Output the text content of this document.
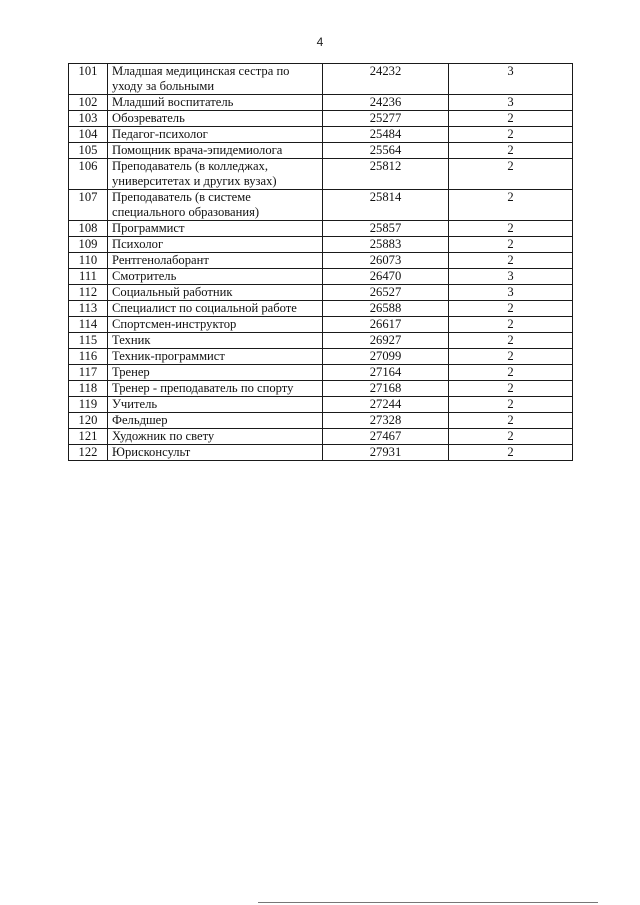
4
101	Младшая медицинская сестра по
уходу за больными	24232	3
102	Младший воспитатель	24236	3
103	Обозреватель	25277	2
104	Педагог-психолог	25484	2
105	Помощник врача-эпидемиолога	25564	2
106	Преподаватель (в колледжах,
университетах и других вузах)	25812	2
107	Преподаватель (в системе
специального образования)	25814	2
108	Программист	25857	2
109	Психолог	25883	2
110	Рентгенолаборант	26073	2
111	Смотритель	26470	3
112	Социальный работник	26527	3
113	Специалист по социальной работе	26588	2
114	Спортсмен-инструктор	26617	2
115	Техник	26927	2
116	Техник-программист	27099	2
117	Тренер	27164	2
118	Тренер - преподаватель по спорту	27168	2
119	Учитель	27244	2
120	Фельдшер	27328	2
121	Художник по свету	27467	2
122	Юрисконсульт	27931	2
